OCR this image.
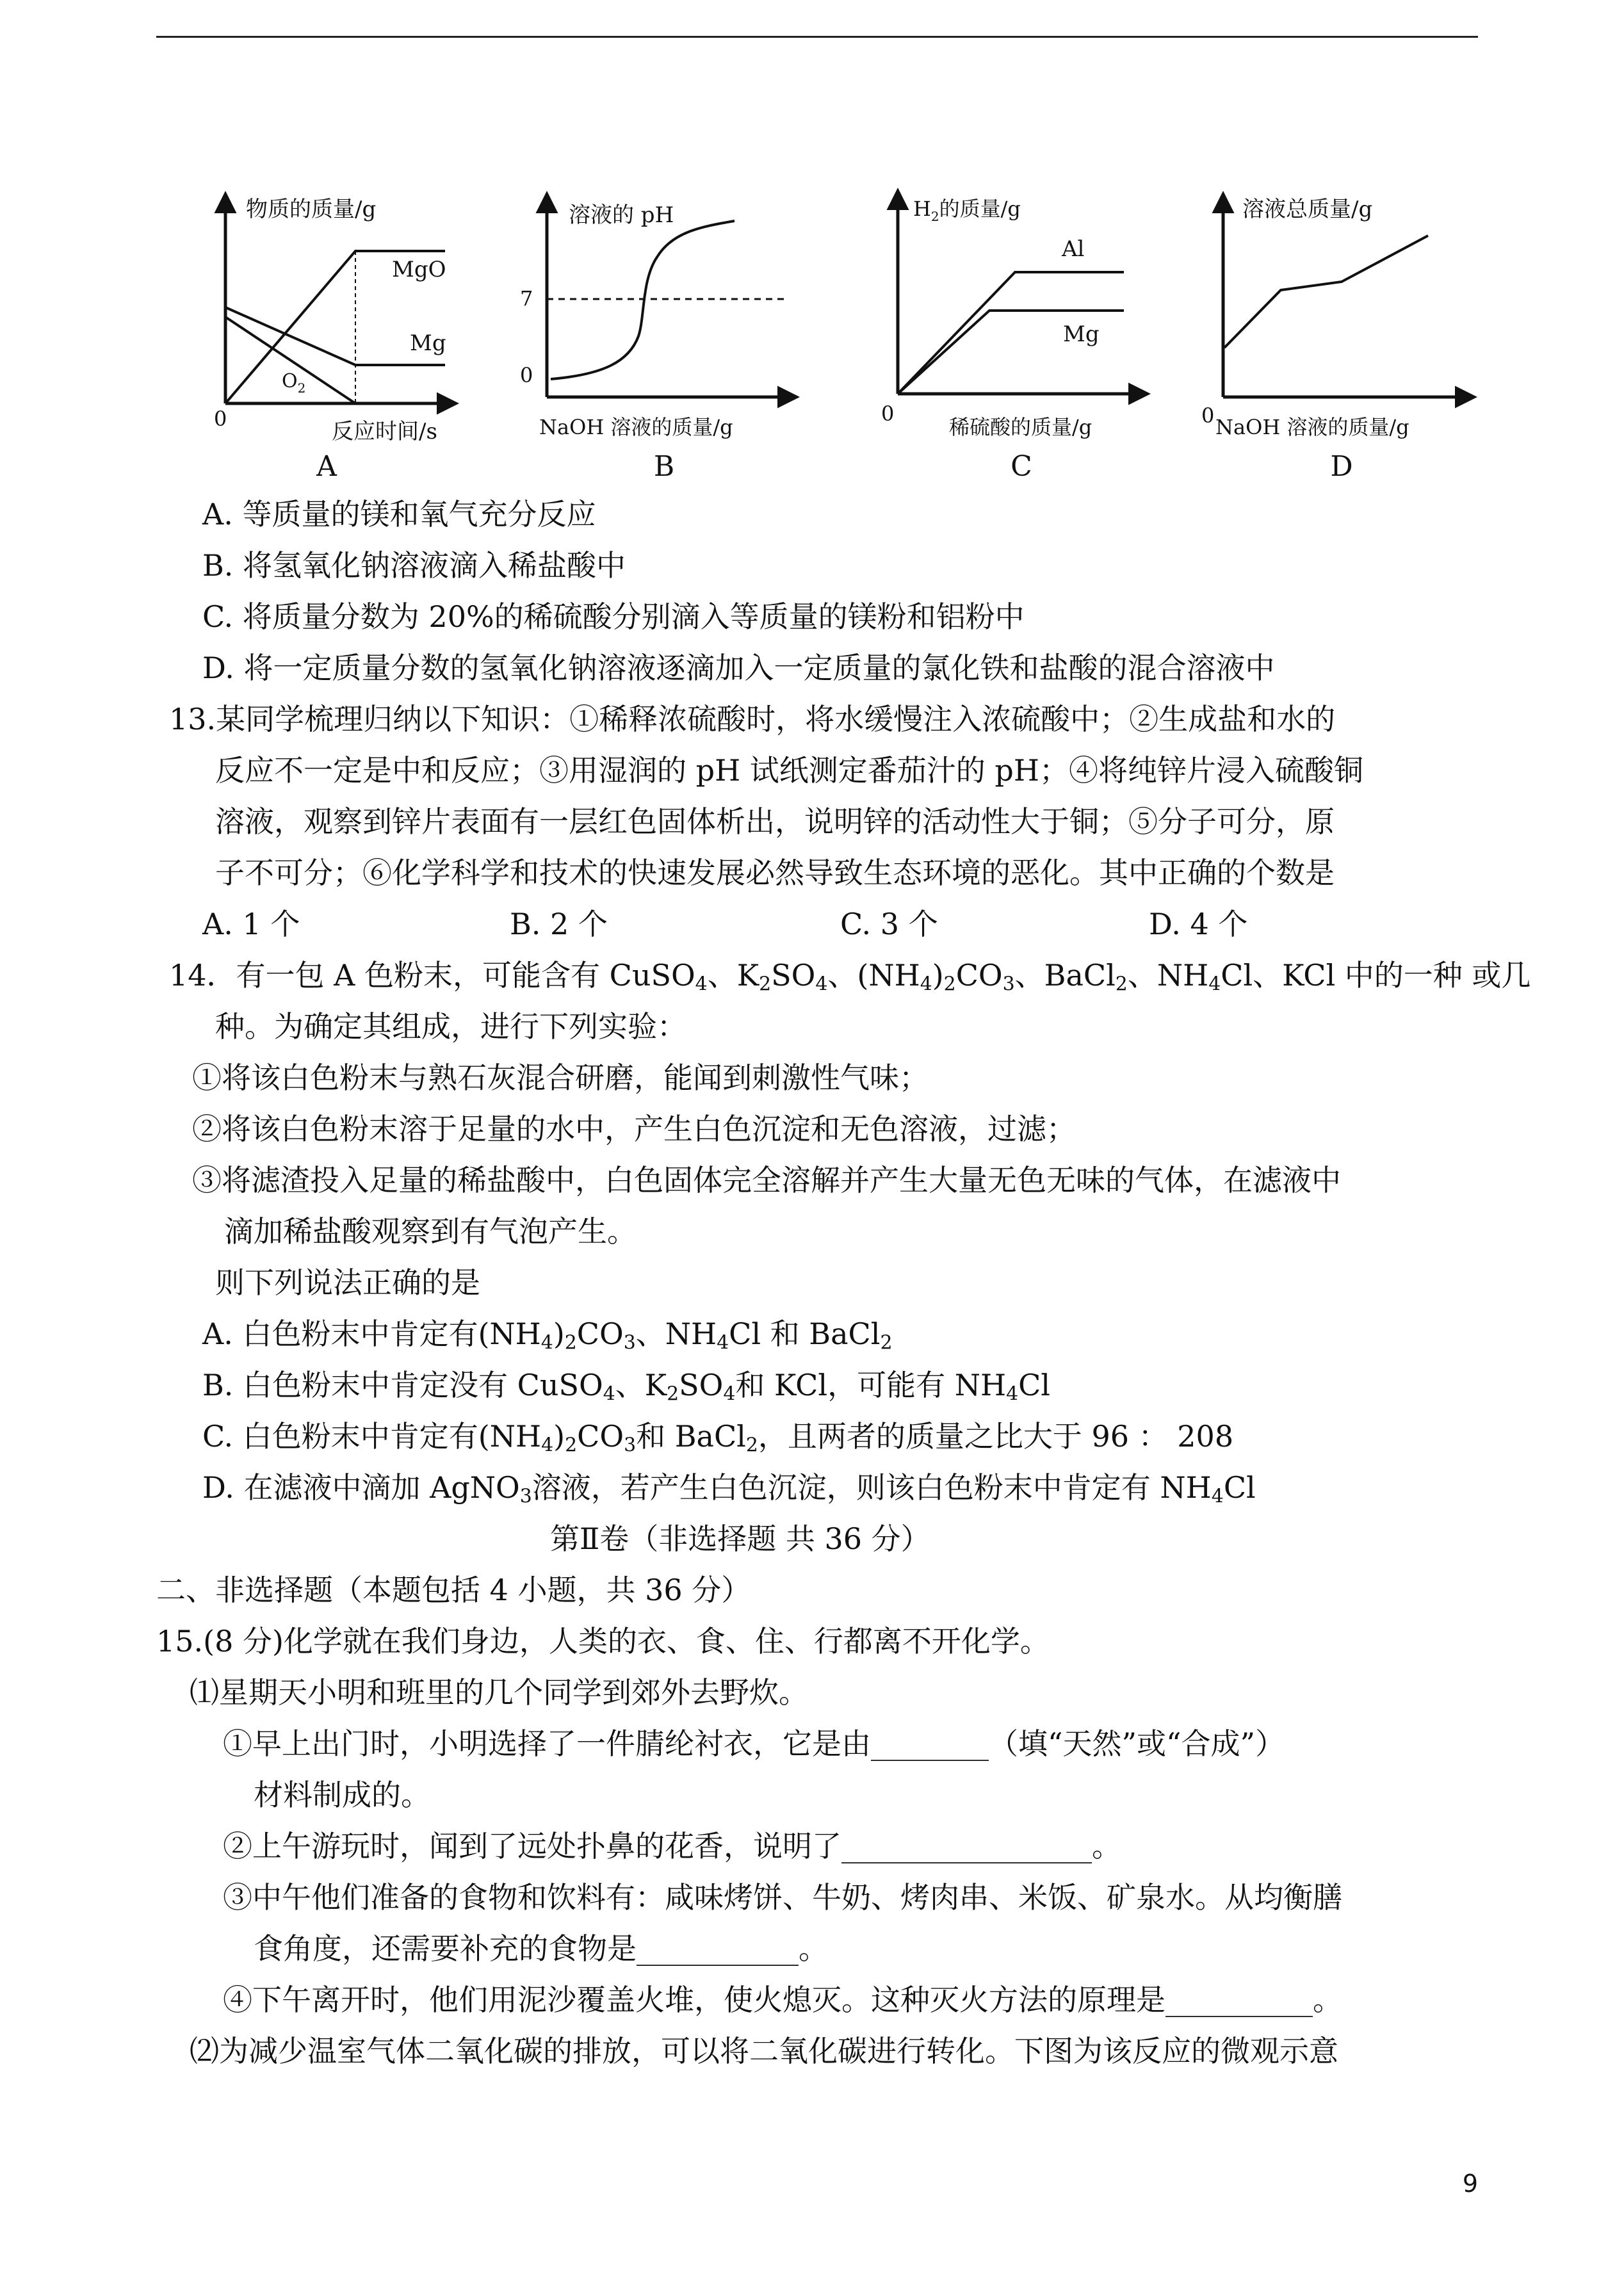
物质的质量/g
MgO
Mg
$O_2$
0	反应时间/s
A
溶液的 pH
7
0
NaOH 溶液的质量/g
B
$H_2$的质量/g
Al
Mg
0
稀硫酸的质量/g
C
溶液总质量/g
0 NaOH 溶液的质量/g
D
A. 等质量的镁和氧气充分反应
B. 将氢氧化钠溶液滴入稀盐酸中
C. 将质量分数为 20%的稀硫酸分别滴入等质量的镁粉和铝粉中
D. 将一定质量分数的氢氧化钠溶液逐滴加入一定质量的氯化铁和盐酸的混合溶液中
13.某同学梳理归纳以下知识：①稀释浓硫酸时，将水缓慢注入浓硫酸中；②生成盐和水的
反应不一定是中和反应；③用湿润的 pH 试纸测定番茄汁的 pH；④将纯锌片浸入硫酸铜
溶液，观察到锌片表面有一层红色固体析出，说明锌的活动性大于铜；⑤分子可分，原
子不可分；⑥化学科学和技术的快速发展必然导致生态环境的恶化。其中正确的个数是
A. 1 个	B. 2 个	C. 3 个	D. 4 个
14．有一包 A 色粉末，可能含有 CuSO$_4$、$K_2SO_4$、$(NH_4)_2CO_3$、BaCl$_2$、$NH_4Cl$、KCl 中的一种 或几
种。为确定其组成，进行下列实验：
①将该白色粉末与熟石灰混合研磨，能闻到刺激性气味；
②将该白色粉末溶于足量的水中，产生白色沉淀和无色溶液，过滤；
③将滤渣投入足量的稀盐酸中，白色固体完全溶解并产生大量无色无味的气体，在滤液中
滴加稀盐酸观察到有气泡产生。
则下列说法正确的是
A. 白色粉末中肯定有$(NH_4)_2CO_3$、$NH_4Cl$ 和 BaCl$_2$
B. 白色粉末中肯定没有 CuSO$_4$、$K_2SO_4$和 KCl，可能有 $NH_4Cl$
C. 白色粉末中肯定有$(NH_4)_2CO_3$和 BaCl$_2$，且两者的质量之比大于 96 ： 208
D. 在滤液中滴加 AgNO$_3$溶液，若产生白色沉淀，则该白色粉末中肯定有 $NH_4Cl$
第Ⅱ卷（非选择题 共 36 分）
二、非选择题（本题包括 4 小题，共 36 分）
15.(8 分)化学就在我们身边，人类的衣、食、住、行都离不开化学。
⑴星期天小明和班里的几个同学到郊外去野炊。
①早上出门时，小明选择了一件腈纶衬衣，它是由________（填“天然”或“合成”）
材料制成的。
②上午游玩时，闻到了远处扑鼻的花香，说明了_________________。
③中午他们准备的食物和饮料有：咸味烤饼、牛奶、烤肉串、米饭、矿泉水。从均衡膳
食角度，还需要补充的食物是___________。
④下午离开时，他们用泥沙覆盖火堆，使火熄灭。这种灭火方法的原理是__________。
⑵为减少温室气体二氧化碳的排放，可以将二氧化碳进行转化。下图为该反应的微观示意
9
